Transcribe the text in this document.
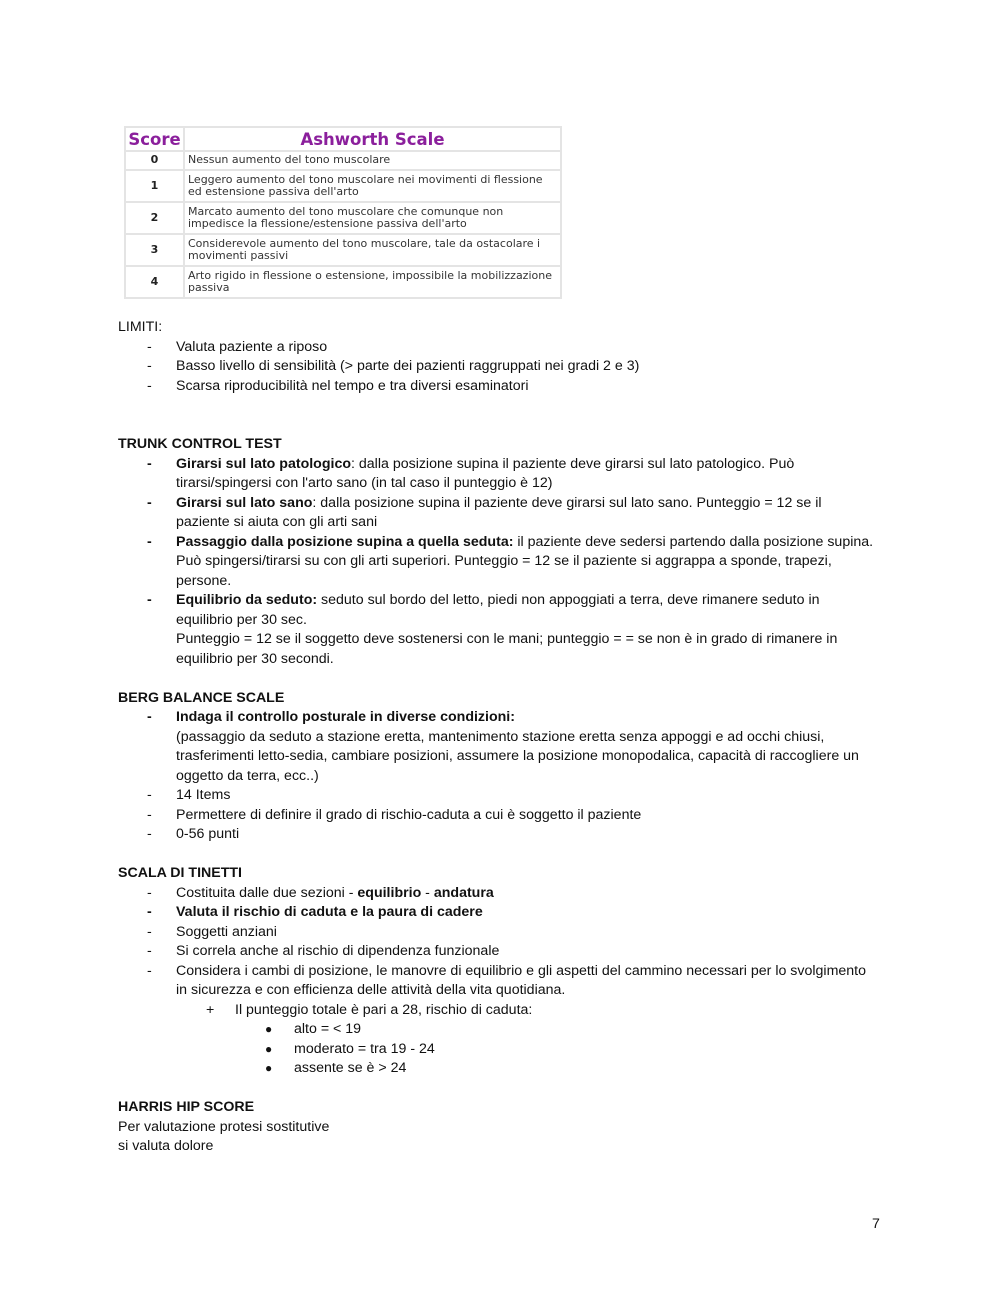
Score	Ashworth Scale
0	Nessun aumento del tono muscolare
1	Leggero aumento del tono muscolare nei movimenti di flessione ed estensione passiva dell'arto
2	Marcato aumento del tono muscolare che comunque non impedisce la flessione/estensione passiva dell'arto
3	Considerevole aumento del tono muscolare, tale da ostacolare i movimenti passivi
4	Arto rigido in flessione o estensione, impossibile la mobilizzazione passiva

LIMITI:

- Valuta paziente a riposo
- Basso livello di sensibilità (> parte dei pazienti raggruppati nei gradi 2 e 3)
- Scarsa riproducibilità nel tempo e tra diversi esaminatori

TRUNK CONTROL TEST

- Girarsi sul lato patologico: dalla posizione supina il paziente deve girarsi sul lato patologico. Può tirarsi/spingersi con l'arto sano (in tal caso il punteggio è 12)
- Girarsi sul lato sano: dalla posizione supina il paziente deve girarsi sul lato sano. Punteggio = 12 se il paziente si aiuta con gli arti sani
- Passaggio dalla posizione supina a quella seduta: il paziente deve sedersi partendo dalla posizione supina. Può spingersi/tirarsi su con gli arti superiori. Punteggio = 12 se il paziente si aggrappa a sponde, trapezi, persone.
- Equilibrio da seduto: seduto sul bordo del letto, piedi non appoggiati a terra, deve rimanere seduto in equilibrio per 30 sec.
Punteggio = 12 se il soggetto deve sostenersi con le mani; punteggio = = se non è in grado di rimanere in equilibrio per 30 secondi.

BERG BALANCE SCALE

- Indaga il controllo posturale in diverse condizioni:
(passaggio da seduto a stazione eretta, mantenimento stazione eretta senza appoggi e ad occhi chiusi, trasferimenti letto-sedia, cambiare posizioni, assumere la posizione monopodalica, capacità di raccogliere un oggetto da terra, ecc..)
- 14 Items
- Permettere di definire il grado di rischio-caduta a cui è soggetto il paziente
- 0-56 punti

SCALA DI TINETTI

- Costituita dalle due sezioni - equilibrio - andatura
- Valuta il rischio di caduta e la paura di cadere
- Soggetti anziani
- Si correla anche al rischio di dipendenza funzionale
- Considera i cambi di posizione, le manovre di equilibrio e gli aspetti del cammino necessari per lo svolgimento in sicurezza e con efficienza delle attività della vita quotidiana.
+ Il punteggio totale è pari a 28, rischio di caduta:
● alto = < 19
● moderato = tra 19 - 24
● assente se è > 24

HARRIS HIP SCORE

Per valutazione protesi sostitutive

si valuta dolore

7
